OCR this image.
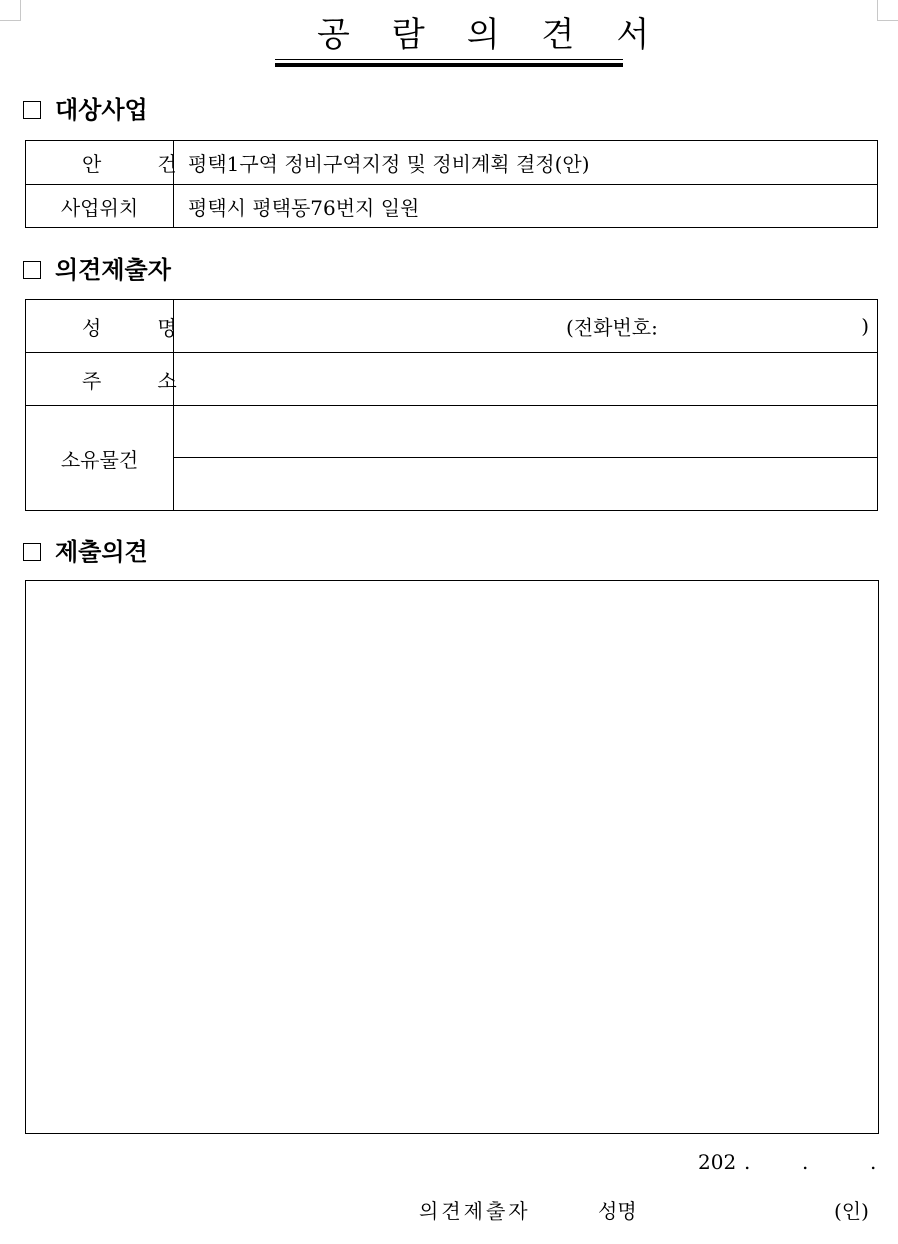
공람의견서
대상사업
안건	평택1구역 정비구역지정 및 정비계획 결정(안)
사업위치	평택시 평택동76번지 일원
의견제출자
성명	(전화번호: )

주소	
소유물건	

제출의견
202 .	.	.
의견제출자	성명	(인)
